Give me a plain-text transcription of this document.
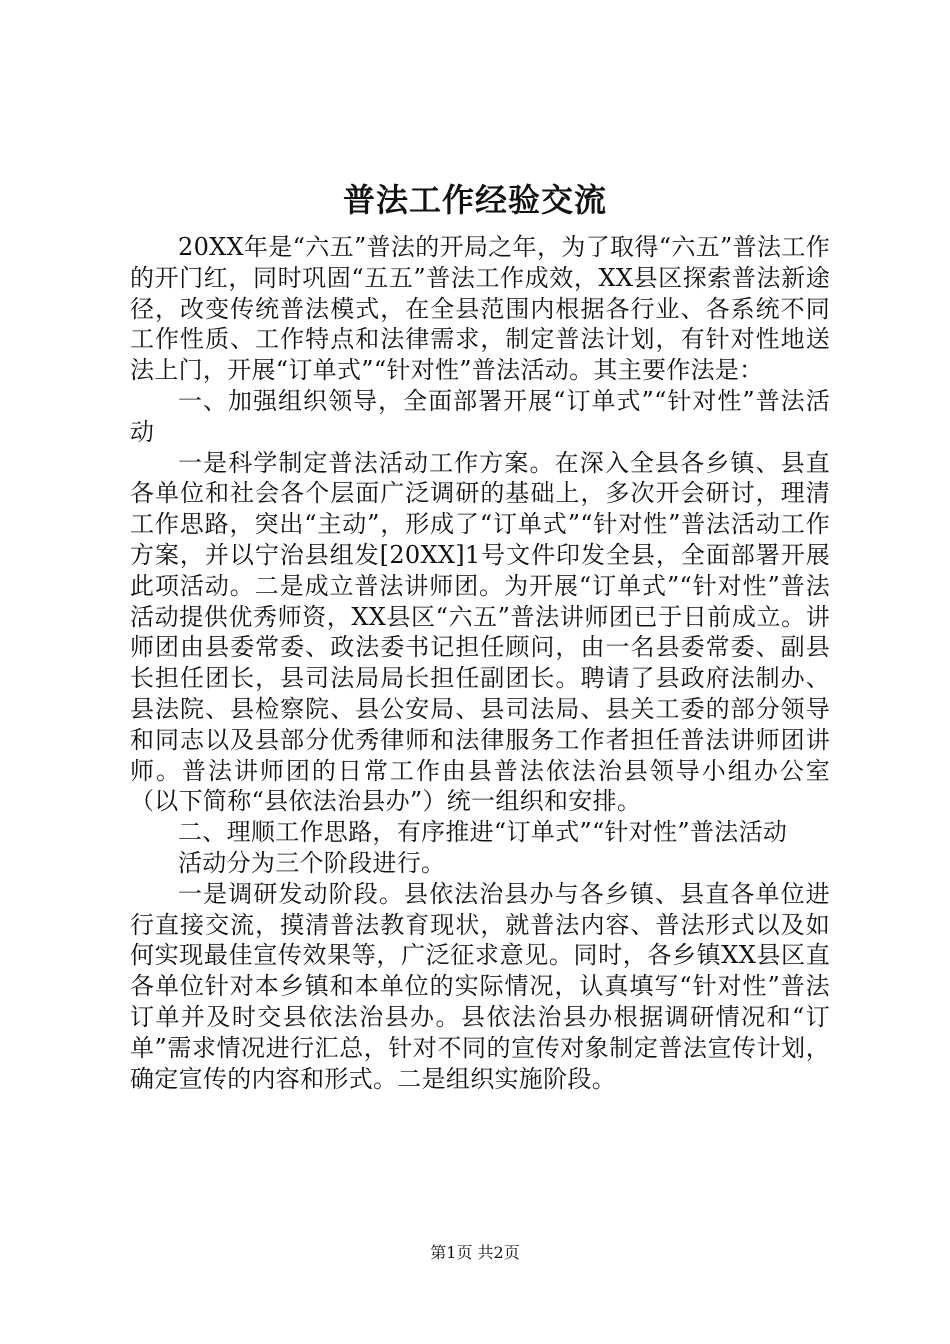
普法工作经验交流

20XX年是“六五”普法的开局之年，为了取得“六五”普法工作的开门红，同时巩固“五五”普法工作成效，XX县区探索普法新途径，改变传统普法模式，在全县范围内根据各行业、各系统不同工作性质、工作特点和法律需求，制定普法计划，有针对性地送法上门，开展“订单式”“针对性”普法活动。其主要作法是：

一、加强组织领导，全面部署开展“订单式”“针对性”普法活动

一是科学制定普法活动工作方案。在深入全县各乡镇、县直各单位和社会各个层面广泛调研的基础上，多次开会研讨，理清工作思路，突出“主动”，形成了“订单式”“针对性”普法活动工作方案，并以宁治县组发[20XX]1号文件印发全县，全面部署开展此项活动。二是成立普法讲师团。为开展“订单式”“针对性”普法活动提供优秀师资，XX县区“六五”普法讲师团已于日前成立。讲师团由县委常委、政法委书记担任顾问，由一名县委常委、副县长担任团长，县司法局局长担任副团长。聘请了县政府法制办、县法院、县检察院、县公安局、县司法局、县关工委的部分领导和同志以及县部分优秀律师和法律服务工作者担任普法讲师团讲师。普法讲师团的日常工作由县普法依法治县领导小组办公室（以下简称“县依法治县办”）统一组织和安排。

二、理顺工作思路，有序推进“订单式”“针对性”普法活动

活动分为三个阶段进行。

一是调研发动阶段。县依法治县办与各乡镇、县直各单位进行直接交流，摸清普法教育现状，就普法内容、普法形式以及如何实现最佳宣传效果等，广泛征求意见。同时，各乡镇XX县区直各单位针对本乡镇和本单位的实际情况，认真填写“针对性”普法订单并及时交县依法治县办。县依法治县办根据调研情况和“订单”需求情况进行汇总，针对不同的宣传对象制定普法宣传计划，确定宣传的内容和形式。二是组织实施阶段。

第1页 共2页
